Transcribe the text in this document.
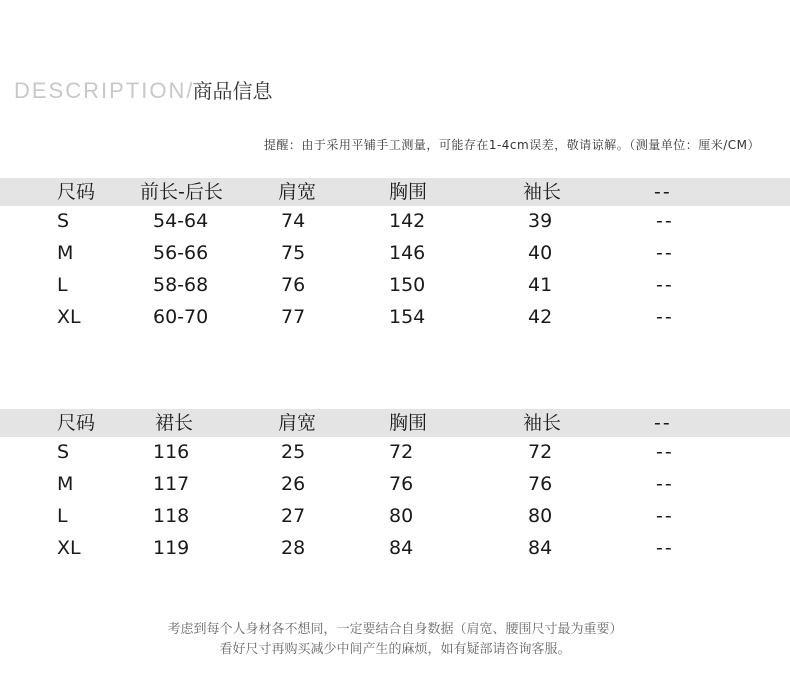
DESCRIPTION/商品信息
提醒：由于采用平铺手工测量，可能存在1-4cm误差，敬请谅解。（测量单位：厘米/CM）
尺码 前长-后长	肩宽	胸围	袖长	--
S	54-64	74	142	39	--
M	56-66	75	146	40	--
L	58-68	76	150	41	--
XL	60-70	77	154	42	--
尺码	裙长	肩宽	胸围	袖长	--
S	116	25	72	72	--
M	117	26	76	76	--
L	118	27	80	80	--
XL	119	28	84	84	--
考虑到每个人身材各不想同，一定要结合自身数据（肩宽、腰围尺寸最为重要）
看好尺寸再购买减少中间产生的麻烦，如有疑部请咨询客服。
